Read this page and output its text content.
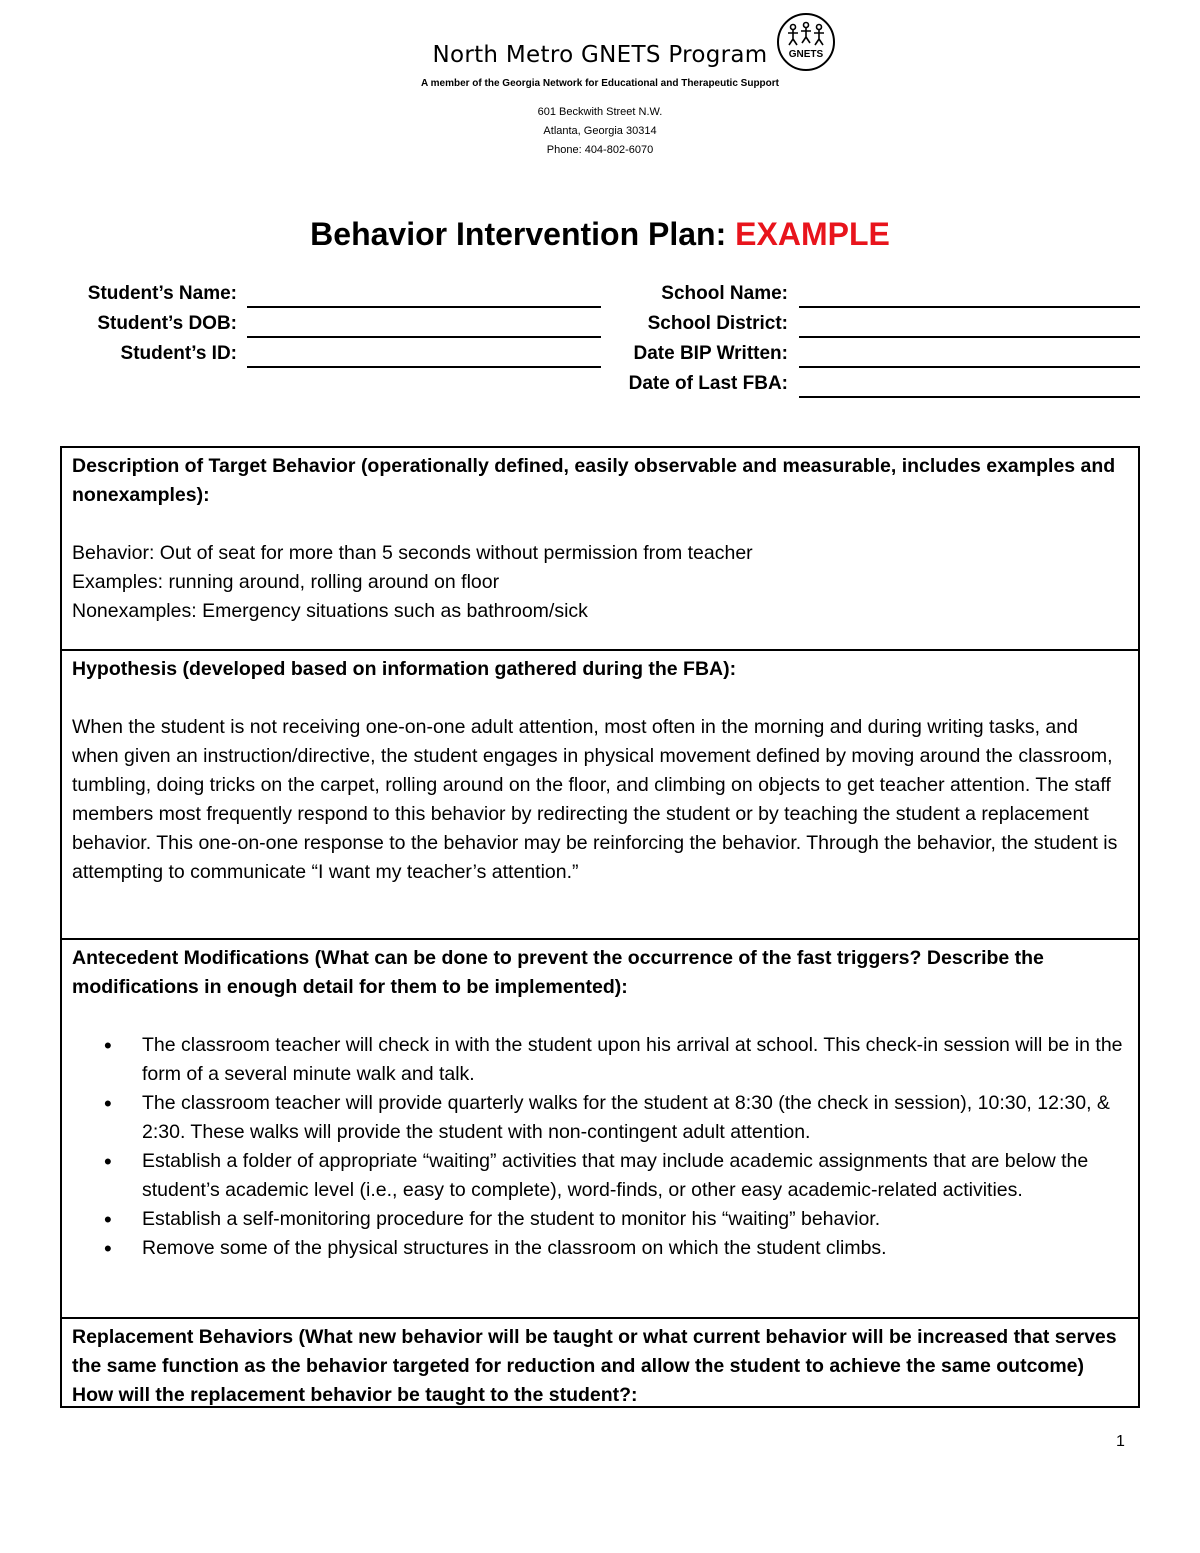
North Metro GNETS Program
A member of the Georgia Network for Educational and Therapeutic Support
601 Beckwith Street N.W.
Atlanta, Georgia 30314
Phone: 404-802-6070
GNETS
Behavior Intervention Plan: EXAMPLE
Student’s Name:
Student’s DOB:
Student’s ID:
School Name:
School District:
Date BIP Written:
Date of Last FBA:
Description of Target Behavior (operationally defined, easily observable and measurable, includes examples and nonexamples):
Behavior: Out of seat for more than 5 seconds without permission from teacher
Examples: running around, rolling around on floor
Nonexamples: Emergency situations such as bathroom/sick
Hypothesis (developed based on information gathered during the FBA):
When the student is not receiving one-on-one adult attention, most often in the morning and during writing tasks, and when given an instruction/directive, the student engages in physical movement defined by moving around the classroom, tumbling, doing tricks on the carpet, rolling around on the floor, and climbing on objects to get teacher attention. The staff members most frequently respond to this behavior by redirecting the student or by teaching the student a replacement behavior. This one-on-one response to the behavior may be reinforcing the behavior. Through the behavior, the student is attempting to communicate “I want my teacher’s attention.”
Antecedent Modifications (What can be done to prevent the occurrence of the fast triggers? Describe the modifications in enough detail for them to be implemented):
• The classroom teacher will check in with the student upon his arrival at school. This check-in session will be in the form of a several minute walk and talk.
• The classroom teacher will provide quarterly walks for the student at 8:30 (the check in session), 10:30, 12:30, & 2:30. These walks will provide the student with non-contingent adult attention.
• Establish a folder of appropriate “waiting” activities that may include academic assignments that are below the student’s academic level (i.e., easy to complete), word-finds, or other easy academic-related activities.
• Establish a self-monitoring procedure for the student to monitor his “waiting” behavior.
• Remove some of the physical structures in the classroom on which the student climbs.
Replacement Behaviors (What new behavior will be taught or what current behavior will be increased that serves the same function as the behavior targeted for reduction and allow the student to achieve the same outcome) How will the replacement behavior be taught to the student?:
1
